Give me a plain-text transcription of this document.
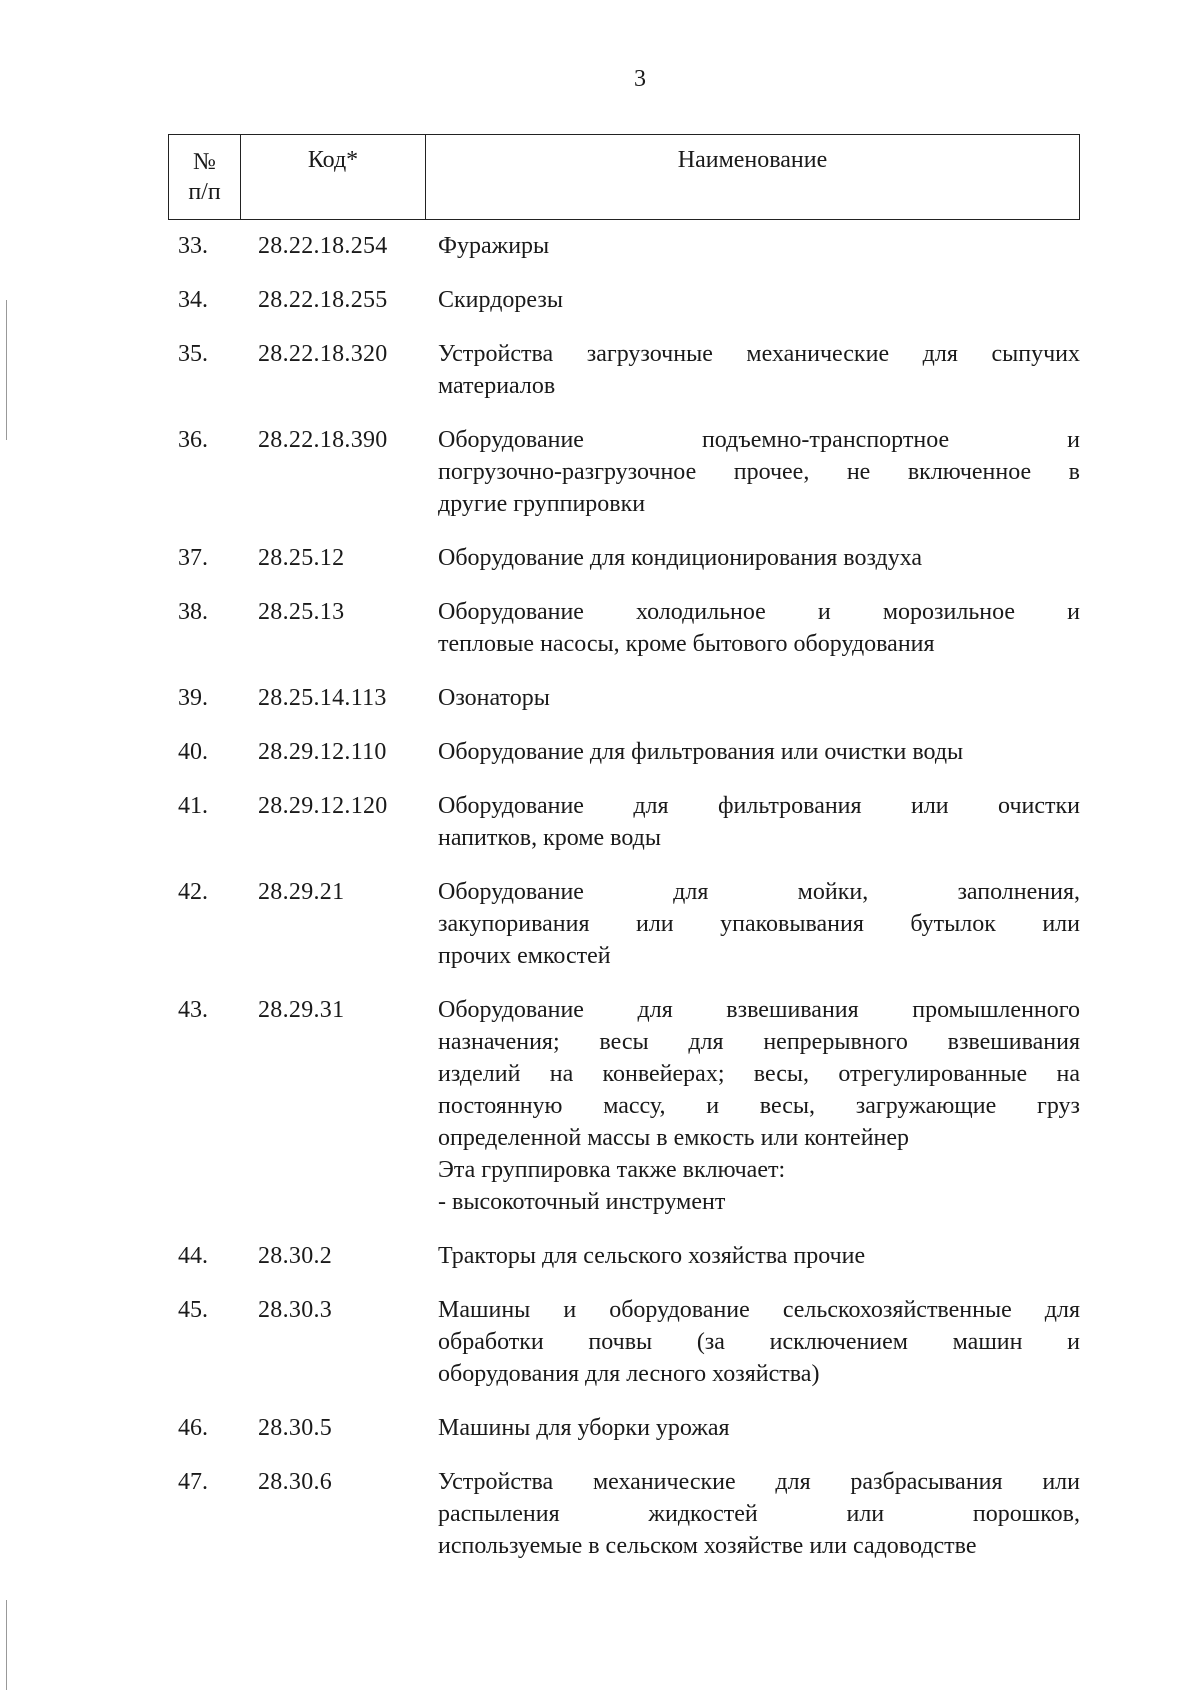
3
№
п/п
Код*	Наименование
33.	28.22.18.254	Фуражиры
34.	28.22.18.255	Скирдорезы
35.	28.22.18.320	Устройства загрузочные механические для сыпучих
материалов
36.	28.22.18.390	Оборудование подъемно-транспортное и
погрузочно-разгрузочное прочее, не включенное в
другие группировки
37.	28.25.12	Оборудование для кондиционирования воздуха
38.	28.25.13	Оборудование холодильное и морозильное и
тепловые насосы, кроме бытового оборудования
39.	28.25.14.113	Озонаторы
40.	28.29.12.110	Оборудование для фильтрования или очистки воды
41.	28.29.12.120	Оборудование для фильтрования или очистки
напитков, кроме воды
42.	28.29.21	Оборудование для мойки, заполнения,
закупоривания или упаковывания бутылок или
прочих емкостей
43.	28.29.31	Оборудование для взвешивания промышленного
назначения; весы для непрерывного взвешивания
изделий на конвейерах; весы, отрегулированные на
постоянную массу, и весы, загружающие груз
определенной массы в емкость или контейнер
Эта группировка также включает:
- высокоточный инструмент
44.	28.30.2	Тракторы для сельского хозяйства прочие
45.	28.30.3	Машины и оборудование сельскохозяйственные для
обработки почвы (за исключением машин и
оборудования для лесного хозяйства)
46.	28.30.5	Машины для уборки урожая
47.	28.30.6	Устройства механические для разбрасывания или
распыления жидкостей или порошков,
используемые в сельском хозяйстве или садоводстве
